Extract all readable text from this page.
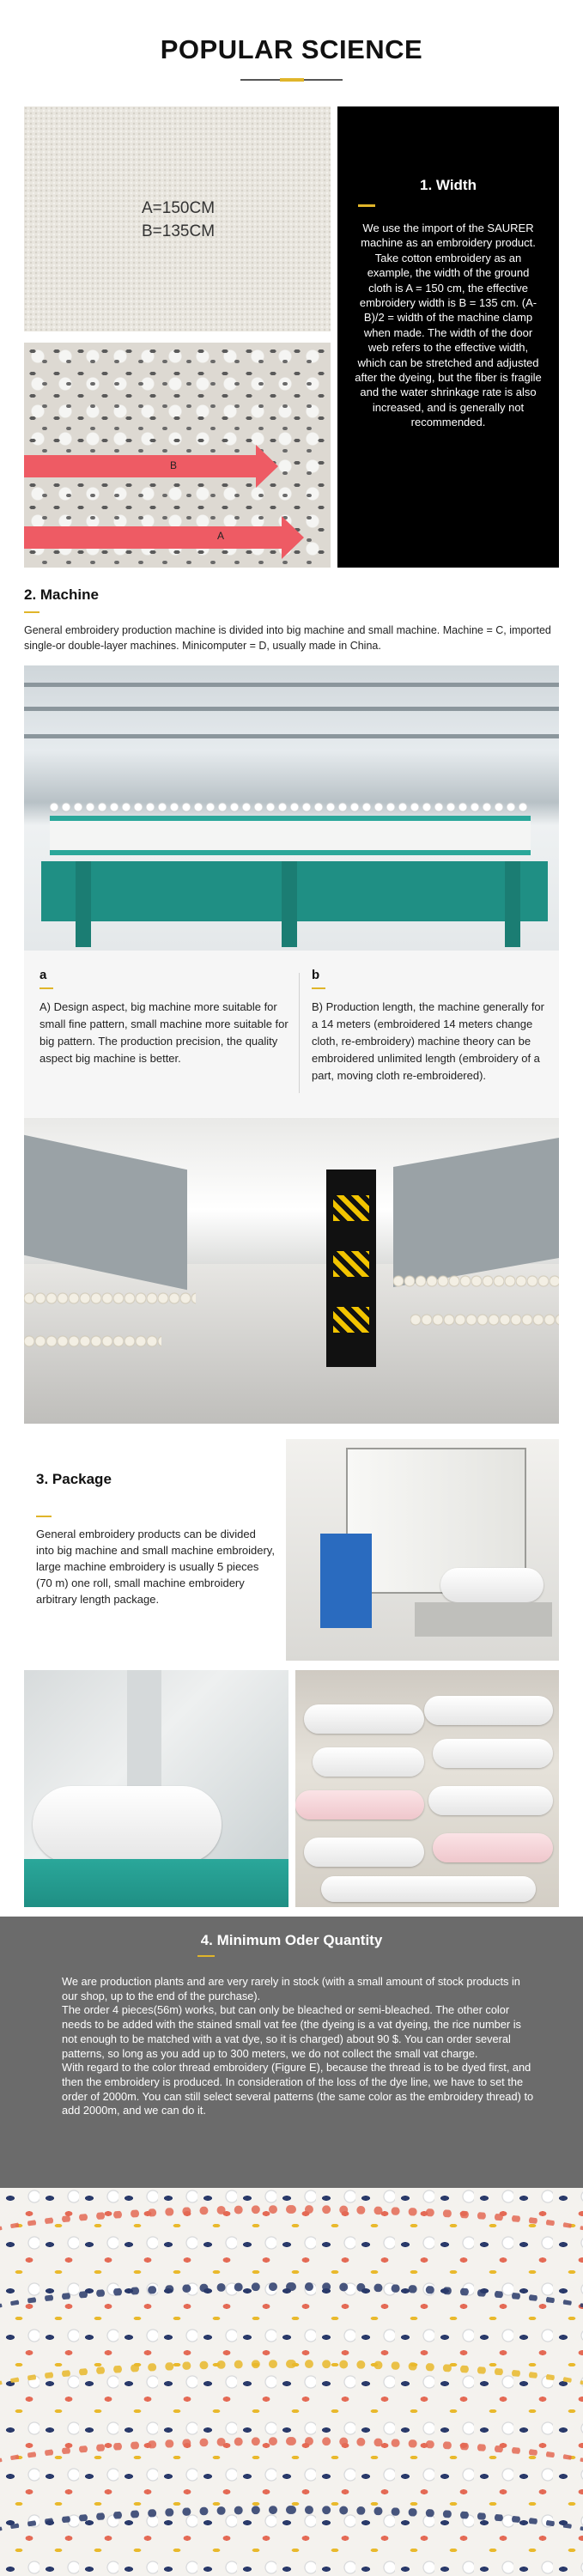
POPULAR SCIENCE
A=150CM
B=135CM
B
A
1. Width
We use the import of the SAURER machine as an embroidery product. Take cotton embroidery as an example, the width of the ground cloth is A = 150 cm, the effective embroidery width is B = 135 cm. (A-B)/2 = width of the machine clamp when made. The width of the door web refers to the effective width, which can be stretched and adjusted after the dyeing, but the fiber is fragile and the water shrinkage rate is also increased, and is generally not recommended.
2. Machine
General embroidery production machine is divided into big machine and small machine. Machine = C, imported single-or double-layer machines. Minicomputer = D, usually made in China.
a
A) Design aspect, big machine more suitable for small fine pattern, small machine more suitable for big pattern. The production precision, the quality aspect big machine is better.
b
B) Production length, the machine generally for a 14 meters (embroidered 14 meters change cloth, re-embroidery) machine theory can be embroidered unlimited length (embroidery of a part, moving cloth re-embroidered).
3. Package
General embroidery products can be divided into big machine and small machine embroidery, large machine embroidery is usually 5 pieces (70 m) one roll, small machine embroidery arbitrary length package.
4. Minimum Oder Quantity

We are production plants and are very rarely in stock (with a small amount of stock products in our shop, up to the end of the purchase).

The order 4 pieces(56m) works, but can only be bleached or semi-bleached. The other color needs to be added with the stained small vat fee (the dyeing is a vat dyeing, the rice number is not enough to be matched with a vat dye, so it is charged) about 90 $. You can order several patterns, so long as you add up to 300 meters, we do not collect the small vat charge.

With regard to the color thread embroidery (Figure E), because the thread is to be dyed first, and then the embroidery is produced. In consideration of the loss of the dye line, we have to set the order of 2000m. You can still select several patterns (the same color as the embroidery thread) to add 2000m, and we can do it.
